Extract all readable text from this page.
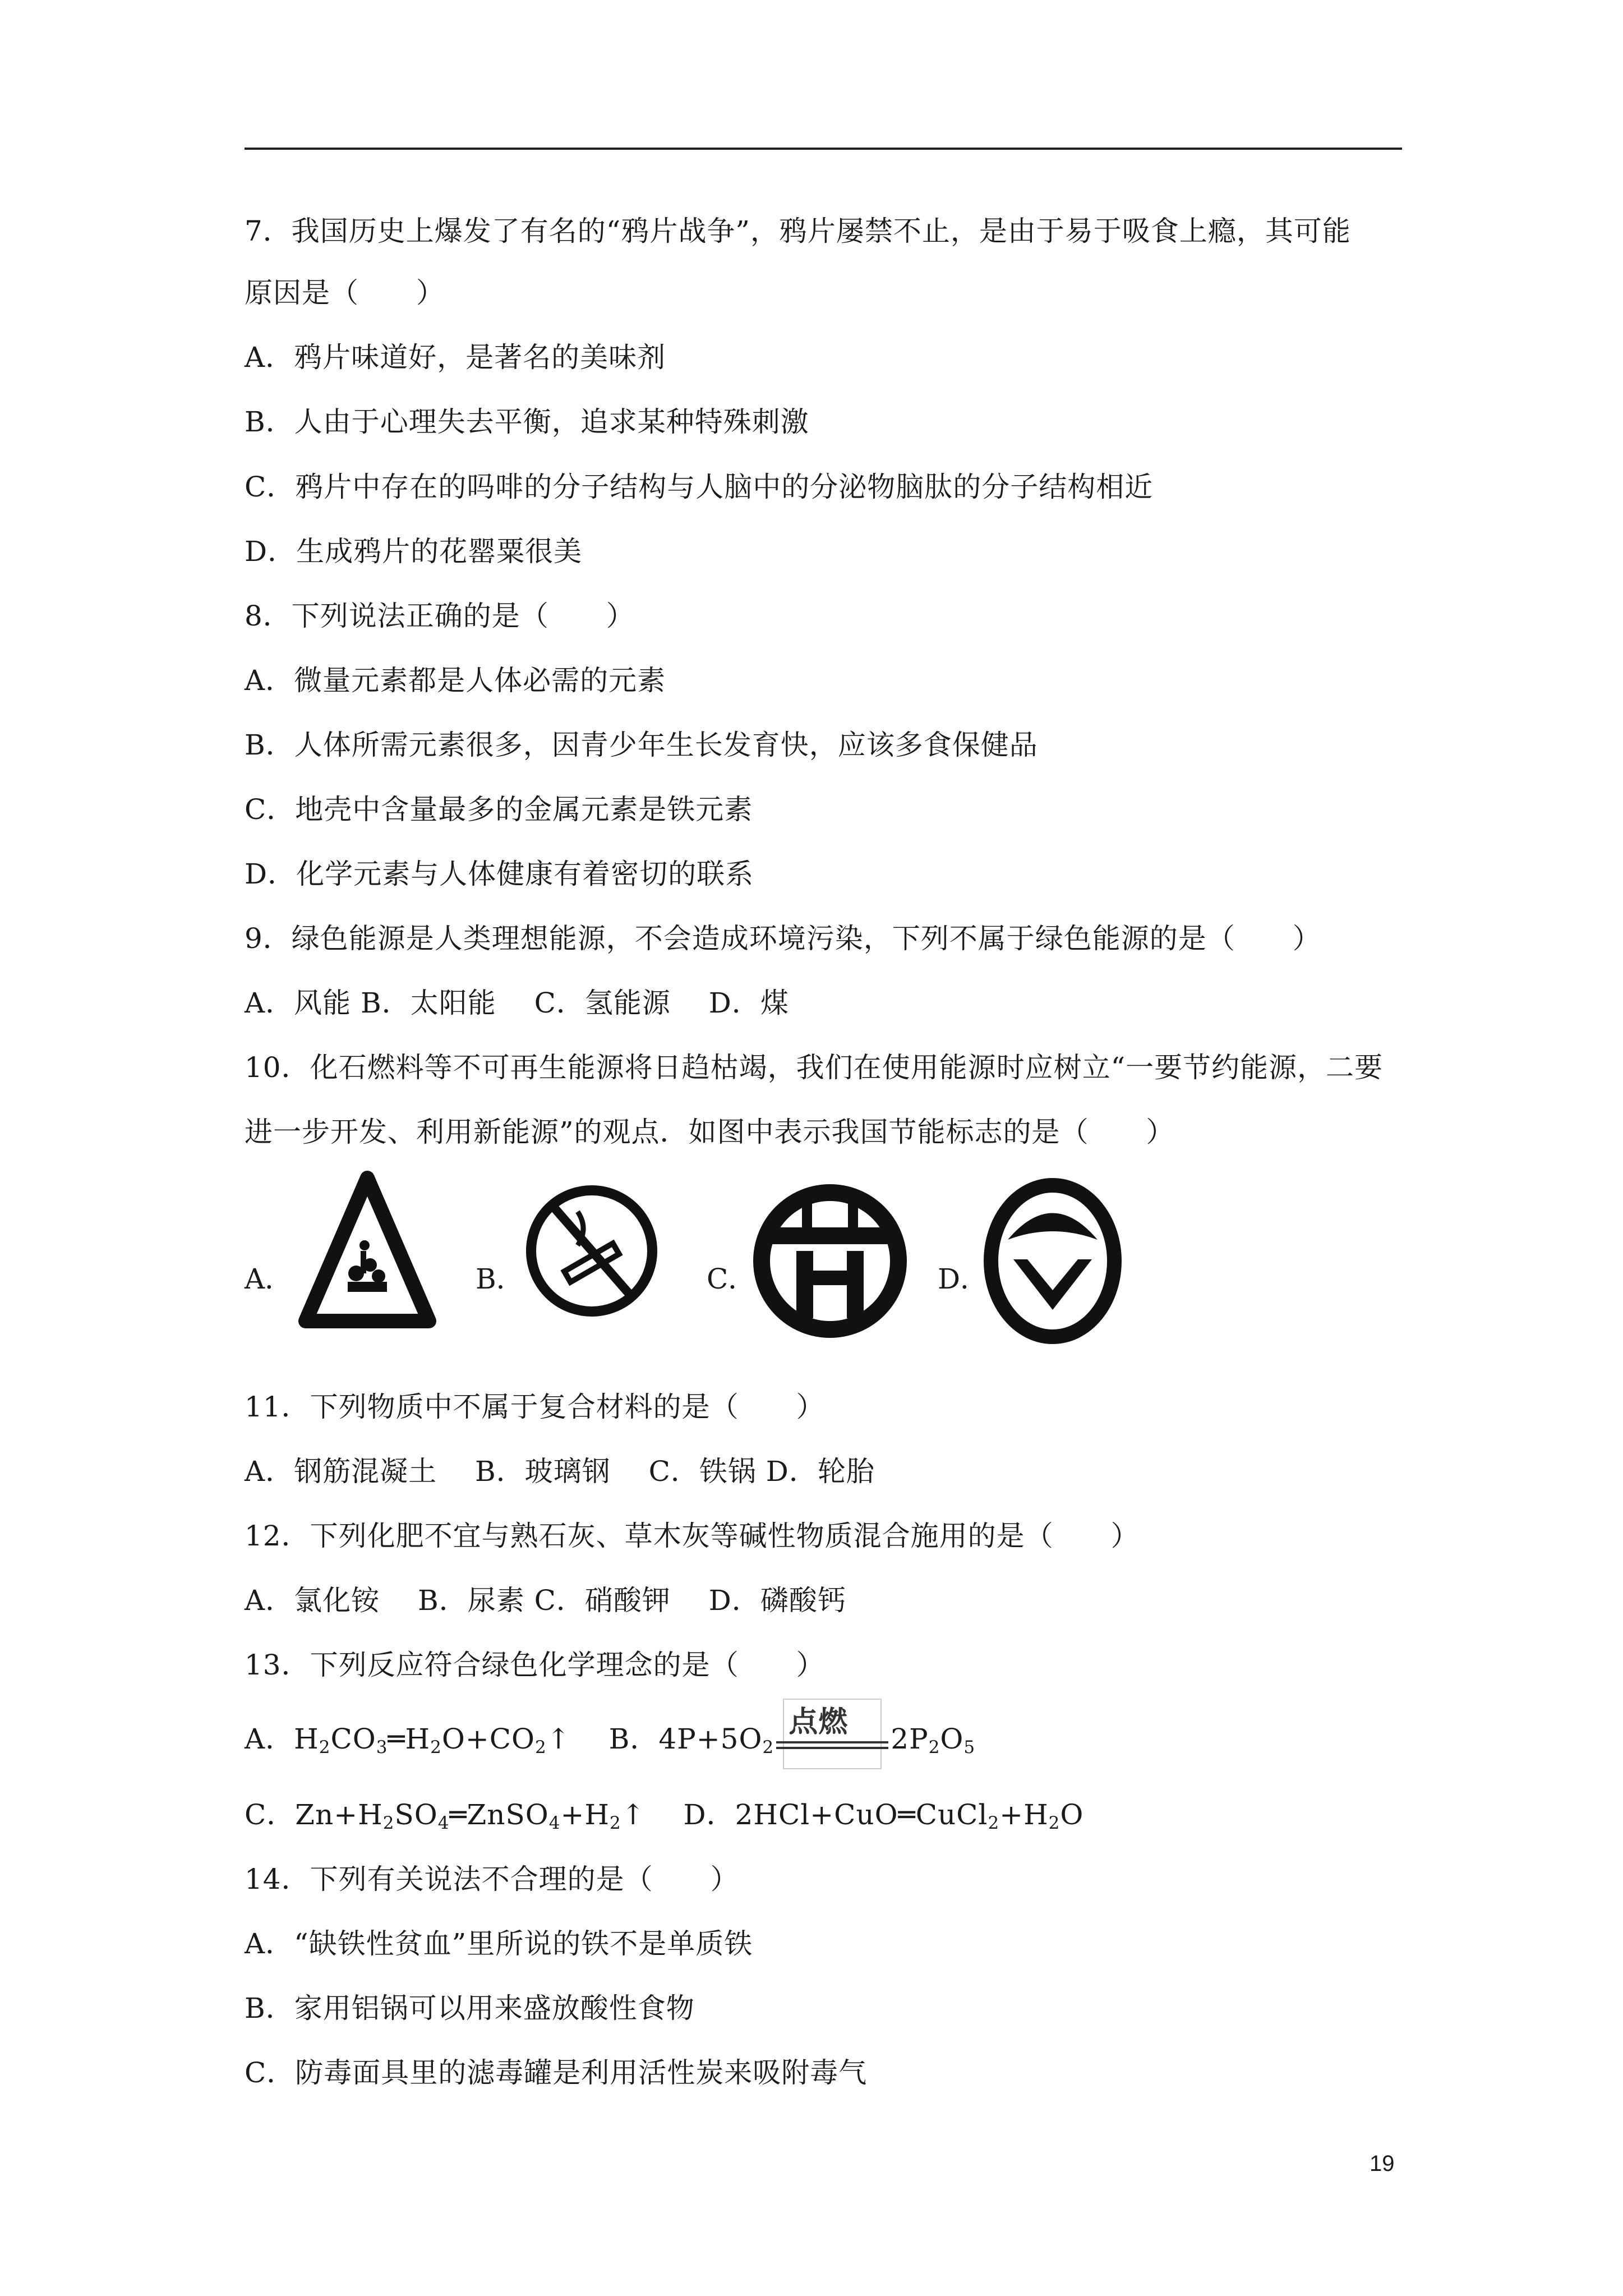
7．我国历史上爆发了有名的“鸦片战争”，鸦片屡禁不止，是由于易于吸食上瘾，其可能
原因是（　　）
A．鸦片味道好，是著名的美味剂
B．人由于心理失去平衡，追求某种特殊刺激
C．鸦片中存在的吗啡的分子结构与人脑中的分泌物脑肽的分子结构相近
D．生成鸦片的花罂粟很美
8．下列说法正确的是（　　）
A．微量元素都是人体必需的元素
B．人体所需元素很多，因青少年生长发育快，应该多食保健品
C．地壳中含量最多的金属元素是铁元素
D．化学元素与人体健康有着密切的联系
9．绿色能源是人类理想能源，不会造成环境污染，下列不属于绿色能源的是（　　）
A．风能 B．太阳能　 C．氢能源　 D．煤
10．化石燃料等不可再生能源将日趋枯竭，我们在使用能源时应树立“一要节约能源，二要
进一步开发、利用新能源”的观点．如图中表示我国节能标志的是（　　）
A．	B．	C．	D．
11．下列物质中不属于复合材料的是（　　）
A．钢筋混凝土　 B．玻璃钢　 C．铁锅 D．轮胎
12．下列化肥不宜与熟石灰、草木灰等碱性物质混合施用的是（　　）
A．氯化铵　 B．尿素 C．硝酸钾　 D．磷酸钙
13．下列反应符合绿色化学理念的是（　　）
A．$H_2CO_3═H_2O+CO_2↑$　 B．$4P+5O_2$
点燃
$2P_2O_5$
C．$Zn+H_2SO_4═ZnSO_4+H_2↑$　 D．$2HCl+CuO═CuCl_2+H_2O$
14．下列有关说法不合理的是（　　）
A．“缺铁性贫血”里所说的铁不是单质铁
B．家用铝锅可以用来盛放酸性食物
C．防毒面具里的滤毒罐是利用活性炭来吸附毒气
19
